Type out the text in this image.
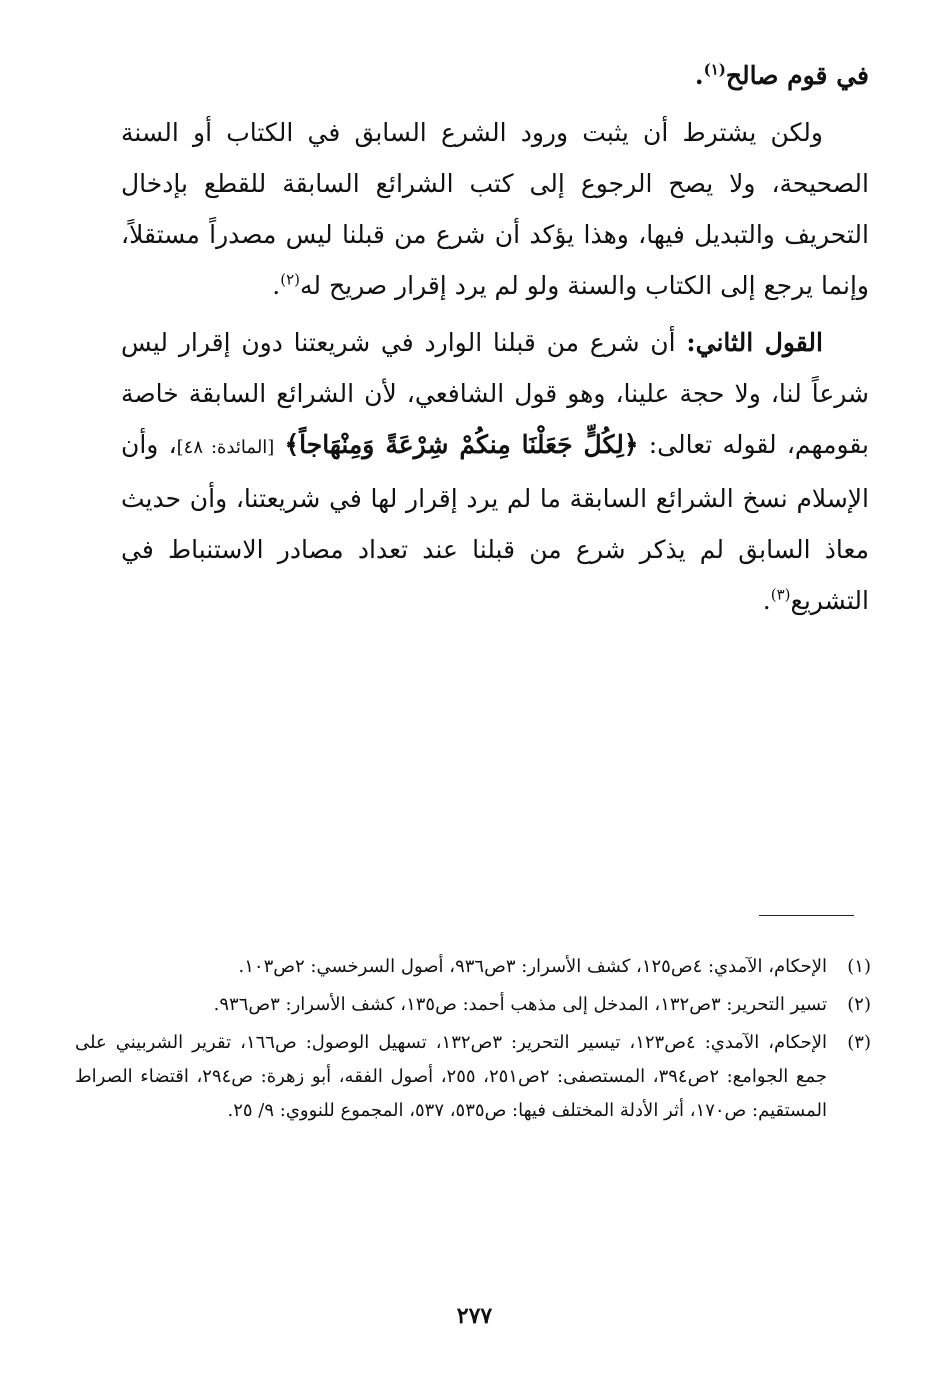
في قوم صالح$^{(١)}$.

ولكن يشترط أن يثبت ورود الشرع السابق في الكتاب أو السنة الصحيحة، ولا يصح الرجوع إلى كتب الشرائع السابقة للقطع بإدخال التحريف والتبديل فيها، وهذا يؤكد أن شرع من قبلنا ليس مصدراً مستقلاً، وإنما يرجع إلى الكتاب والسنة ولو لم يرد إقرار صريح له$^{(٢)}$.

القول الثاني: أن شرع من قبلنا الوارد في شريعتنا دون إقرار ليس شرعاً لنا، ولا حجة علينا، وهو قول الشافعي، لأن الشرائع السابقة خاصة بقومهم، لقوله تعالى: ﴿لِكُلٍّ جَعَلْنَا مِنكُمْ شِرْعَةً وَمِنْهَاجاً﴾ [المائدة: ٤٨]، وأن الإسلام نسخ الشرائع السابقة ما لم يرد إقرار لها في شريعتنا، وأن حديث معاذ السابق لم يذكر شرع من قبلنا عند تعداد مصادر الاستنباط في التشريع$^{(٣)}$.

(١)
الإحكام، الآمدي: ٤ص١٢٥، كشف الأسرار: ٣ص٩٣٦، أصول السرخسي: ٢ص١٠٣.
(٢)
تسير التحرير: ٣ص١٣٢، المدخل إلى مذهب أحمد: ص١٣٥، كشف الأسرار: ٣ص٩٣٦.
(٣)
الإحكام، الآمدي: ٤ص١٢٣، تيسير التحرير: ٣ص١٣٢، تسهيل الوصول: ص١٦٦، تقرير الشربيني على جمع الجوامع: ٢ص٣٩٤، المستصفى: ٢ص٢٥١، ٢٥٥، أصول الفقه، أبو زهرة: ص٢٩٤، اقتضاء الصراط المستقيم: ص١٧٠، أثر الأدلة المختلف فيها: ص٥٣٥، ٥٣٧، المجموع للنووي: ٩/ ٢٥.
٢٧٧
